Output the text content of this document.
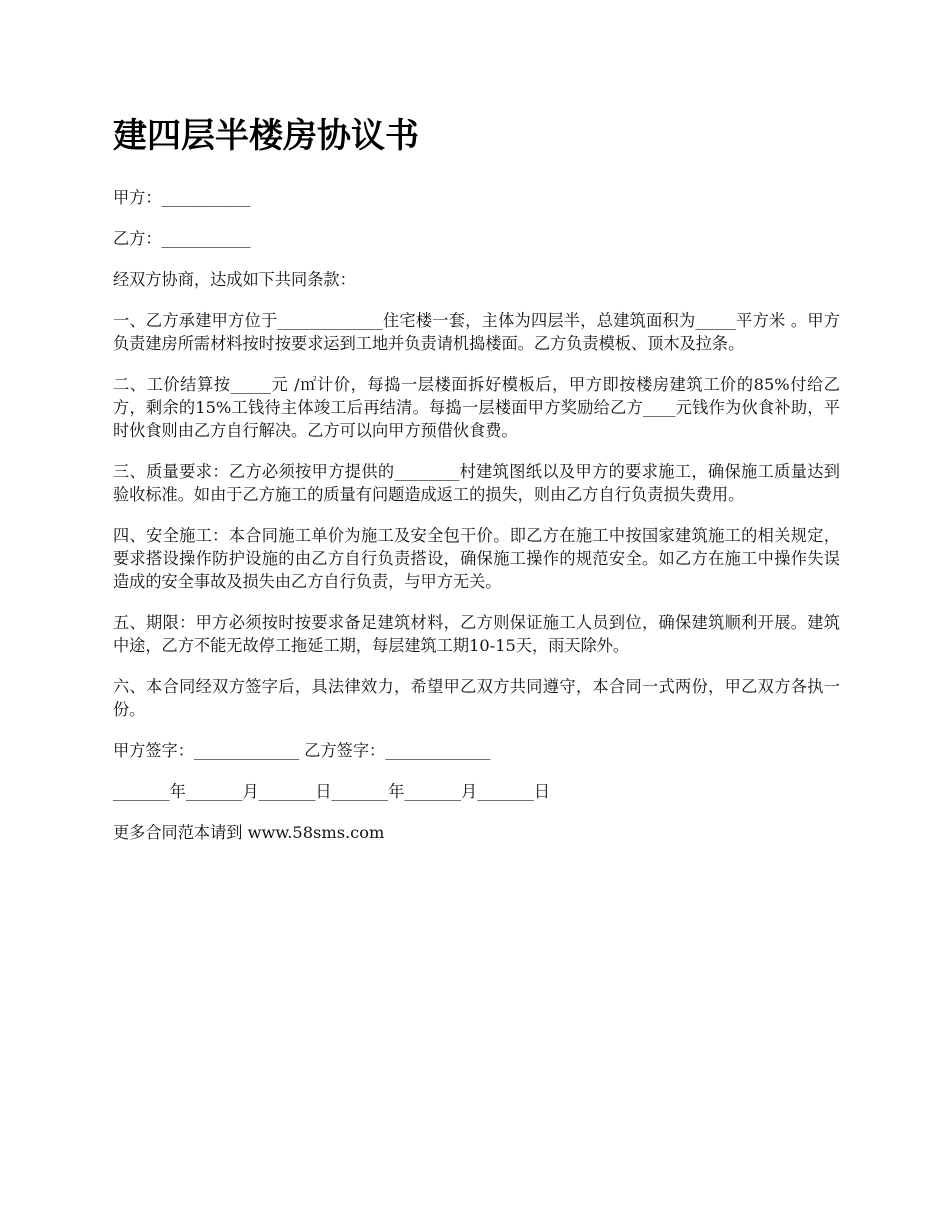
建四层半楼房协议书

甲方：___________

乙方：___________

经双方协商，达成如下共同条款：

一、乙方承建甲方位于_____________住宅楼一套，主体为四层半，总建筑面积为_____平方米 。甲方负责建房所需材料按时按要求运到工地并负责请机捣楼面。乙方负责模板、顶木及拉条。

二、工价结算按_____元 /㎡计价，每捣一层楼面拆好模板后，甲方即按楼房建筑工价的85%付给乙方，剩余的15%工钱待主体竣工后再结清。每捣一层楼面甲方奖励给乙方____元钱作为伙食补助，平时伙食则由乙方自行解决。乙方可以向甲方预借伙食费。

三、质量要求：乙方必须按甲方提供的________村建筑图纸以及甲方的要求施工，确保施工质量达到验收标准。如由于乙方施工的质量有问题造成返工的损失，则由乙方自行负责损失费用。

四、安全施工：本合同施工单价为施工及安全包干价。即乙方在施工中按国家建筑施工的相关规定，要求搭设操作防护设施的由乙方自行负责搭设，确保施工操作的规范安全。如乙方在施工中操作失误造成的安全事故及损失由乙方自行负责，与甲方无关。

五、期限：甲方必须按时按要求备足建筑材料，乙方则保证施工人员到位，确保建筑顺利开展。建筑中途，乙方不能无故停工拖延工期，每层建筑工期10-15天，雨天除外。

六、本合同经双方签字后，具法律效力，希望甲乙双方共同遵守，本合同一式两份，甲乙双方各执一份。

甲方签字：_____________ 乙方签字：_____________

_______年_______月_______日_______年_______月_______日

更多合同范本请到 www.58sms.com
